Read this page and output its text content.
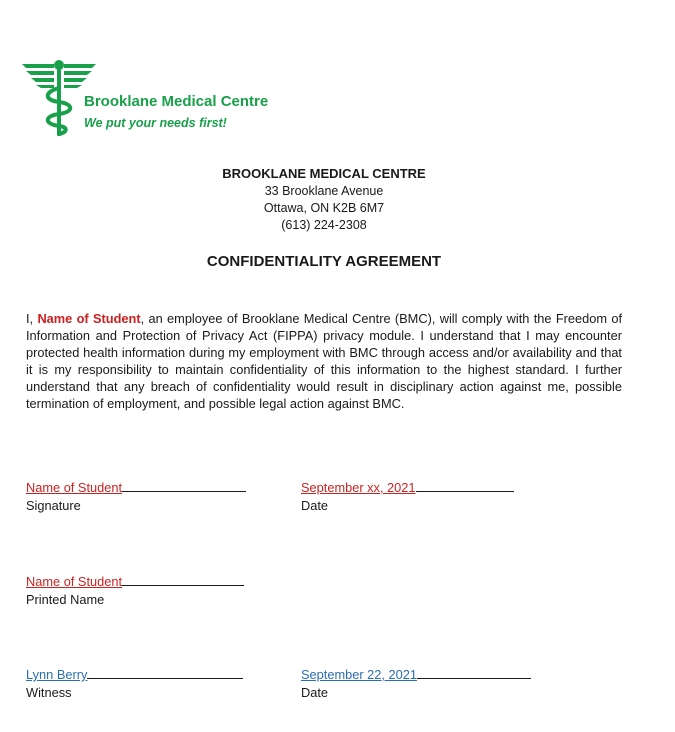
Brooklane Medical Centre
We put your needs first!
BROOKLANE MEDICAL CENTRE
33 Brooklane Avenue
Ottawa, ON K2B 6M7
(613) 224-2308
CONFIDENTIALITY AGREEMENT

I, Name of Student, an employee of Brooklane Medical Centre (BMC), will comply with the Freedom of Information and Protection of Privacy Act (FIPPA) privacy module. I understand that I may encounter protected health information during my employment with BMC through access and/or availability and that it is my responsibility to maintain confidentiality of this information to the highest standard. I further understand that any breach of confidentiality would result in disciplinary action against me, possible termination of employment, and possible legal action against BMC.

Name of Student
Signature
September xx, 2021
Date
Name of Student
Printed Name
Lynn Berry
Witness
September 22, 2021
Date
